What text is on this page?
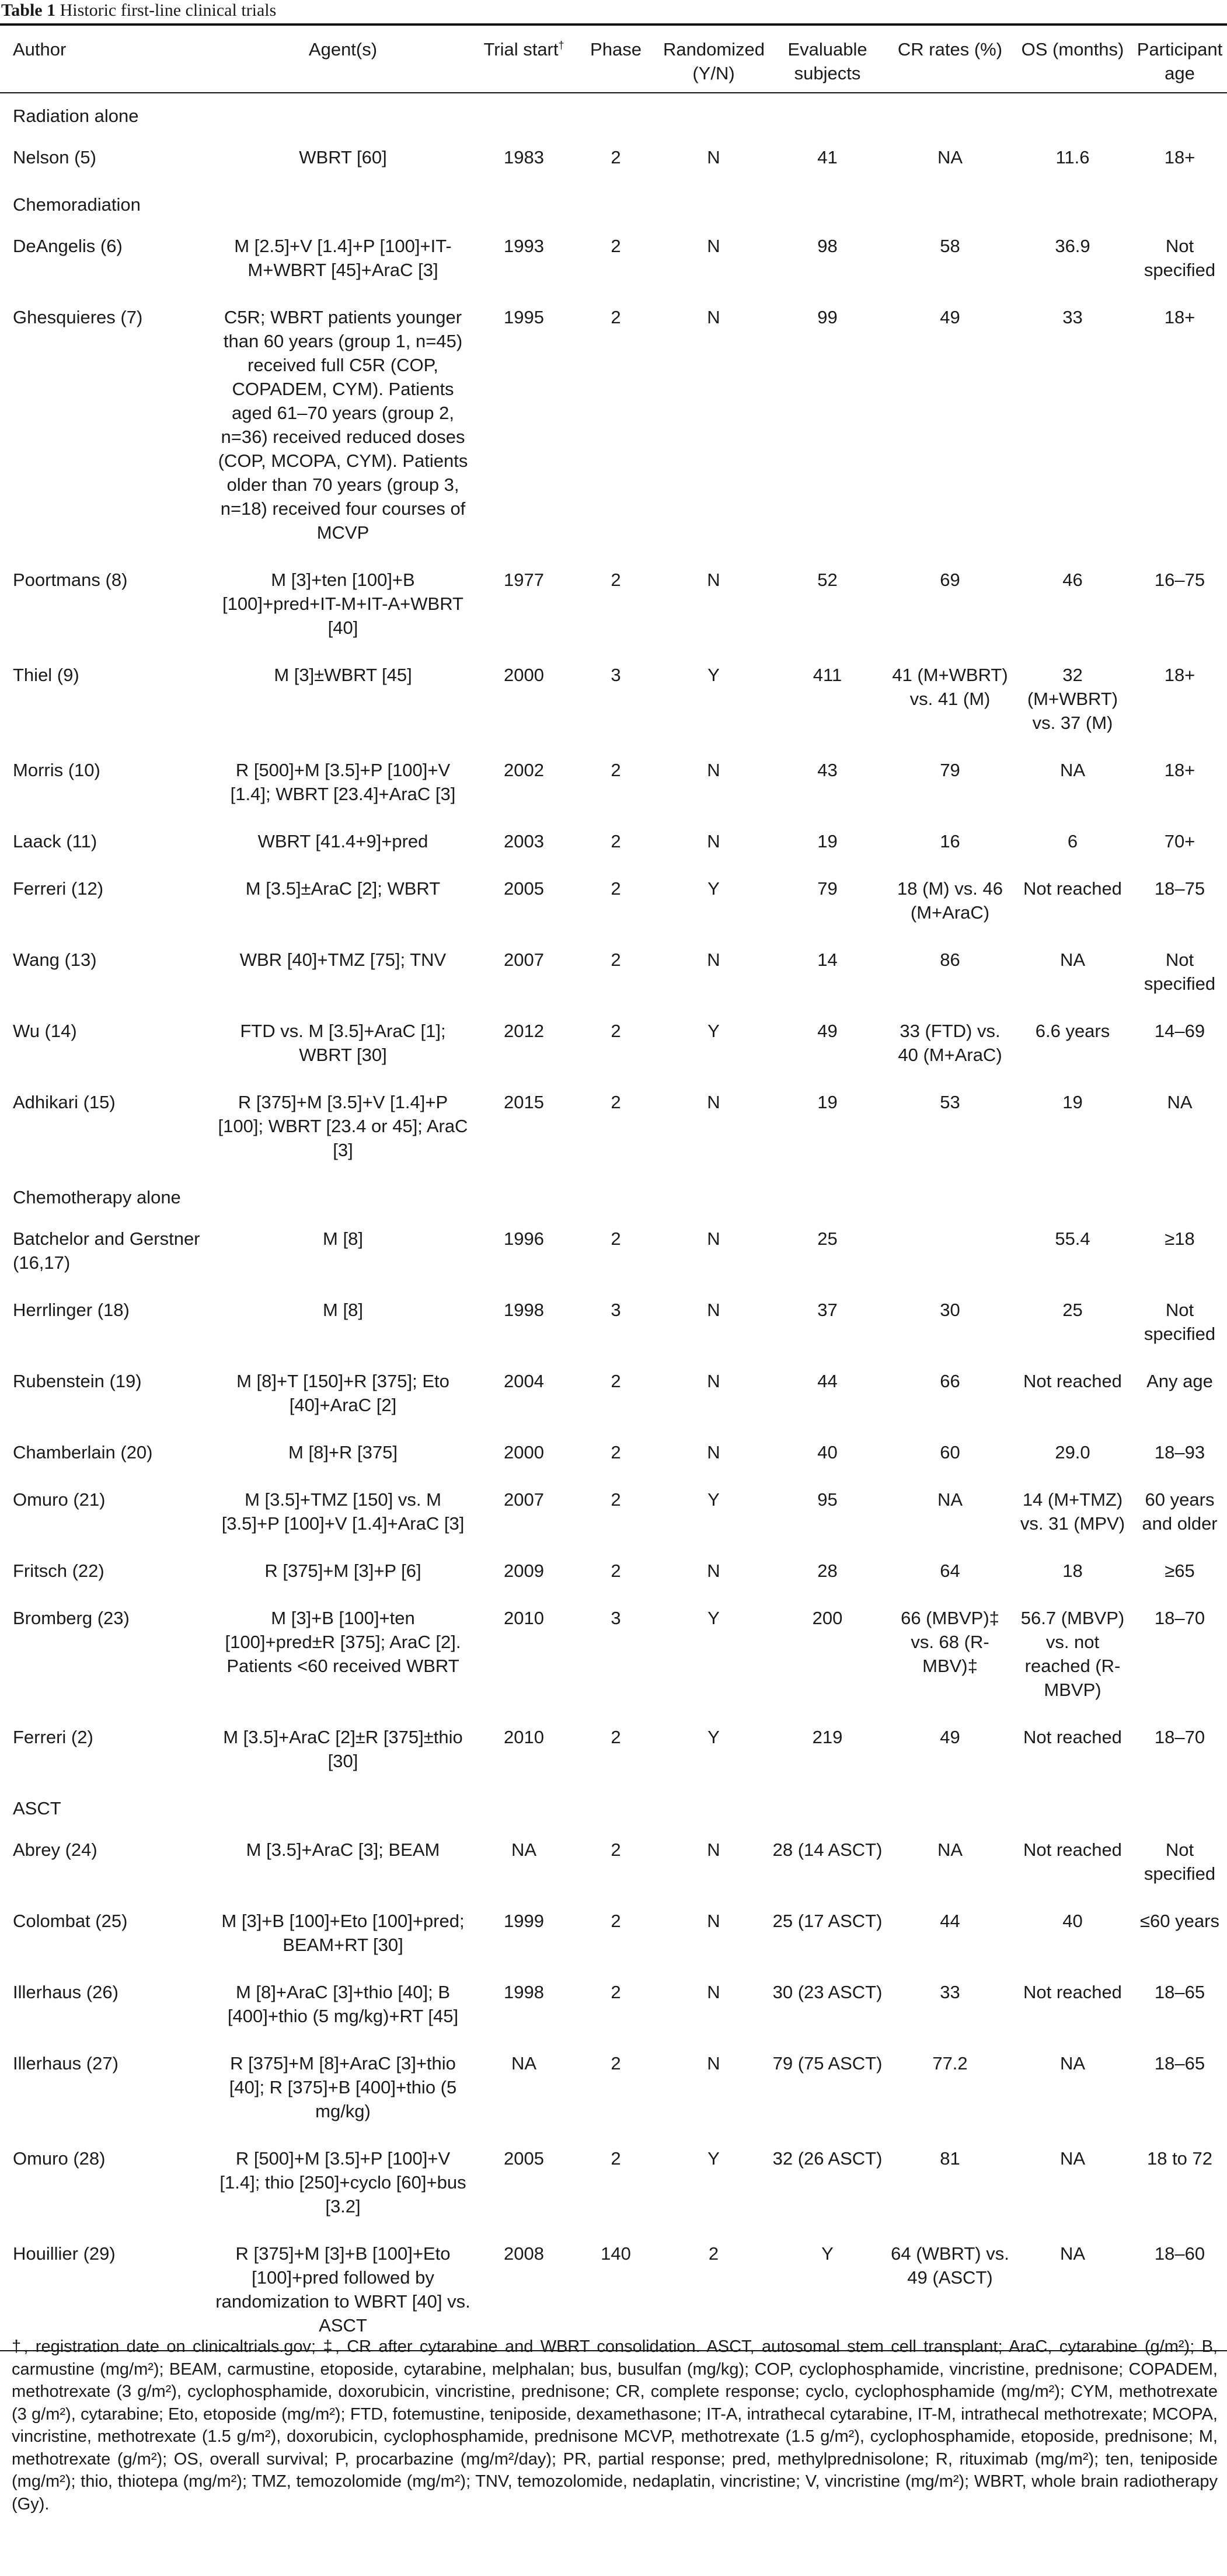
Table 1 Historic first-line clinical trials
Author	Agent(s)	Trial start†	Phase	Randomized (Y/N)	Evaluable subjects	CR rates (%)	OS (months)	Participant age
Radiation alone								
Nelson (5)	WBRT [60]	1983	2	N	41	NA	11.6	18+
Chemoradiation								
DeAngelis (6)	M [2.5]+V [1.4]+P [100]+IT-M+WBRT [45]+AraC [3]	1993	2	N	98	58	36.9	Not specified
Ghesquieres (7)	C5R; WBRT patients younger than 60 years (group 1, n=45) received full C5R (COP, COPADEM, CYM). Patients aged 61–70 years (group 2, n=36) received reduced doses (COP, MCOPA, CYM). Patients older than 70 years (group 3, n=18) received four courses of MCVP	1995	2	N	99	49	33	18+
Poortmans (8)	M [3]+ten [100]+B [100]+pred+IT-M+IT-A+WBRT [40]	1977	2	N	52	69	46	16–75
Thiel (9)	M [3]±WBRT [45]	2000	3	Y	411	41 (M+WBRT) vs. 41 (M)	32 (M+WBRT) vs. 37 (M)	18+
Morris (10)	R [500]+M [3.5]+P [100]+V [1.4]; WBRT [23.4]+AraC [3]	2002	2	N	43	79	NA	18+
Laack (11)	WBRT [41.4+9]+pred	2003	2	N	19	16	6	70+
Ferreri (12)	M [3.5]±AraC [2]; WBRT	2005	2	Y	79	18 (M) vs. 46 (M+AraC)	Not reached	18–75
Wang (13)	WBR [40]+TMZ [75]; TNV	2007	2	N	14	86	NA	Not specified
Wu (14)	FTD vs. M [3.5]+AraC [1]; WBRT [30]	2012	2	Y	49	33 (FTD) vs. 40 (M+AraC)	6.6 years	14–69
Adhikari (15)	R [375]+M [3.5]+V [1.4]+P [100]; WBRT [23.4 or 45]; AraC [3]	2015	2	N	19	53	19	NA
Chemotherapy alone								
Batchelor and Gerstner (16,17)	M [8]	1996	2	N	25		55.4	≥18
Herrlinger (18)	M [8]	1998	3	N	37	30	25	Not specified
Rubenstein (19)	M [8]+T [150]+R [375]; Eto [40]+AraC [2]	2004	2	N	44	66	Not reached	Any age
Chamberlain (20)	M [8]+R [375]	2000	2	N	40	60	29.0	18–93
Omuro (21)	M [3.5]+TMZ [150] vs. M [3.5]+P [100]+V [1.4]+AraC [3]	2007	2	Y	95	NA	14 (M+TMZ) vs. 31 (MPV)	60 years and older
Fritsch (22)	R [375]+M [3]+P [6]	2009	2	N	28	64	18	≥65
Bromberg (23)	M [3]+B [100]+ten [100]+pred±R [375]; AraC [2]. Patients <60 received WBRT	2010	3	Y	200	66 (MBVP)‡ vs. 68 (R-MBV)‡	56.7 (MBVP) vs. not reached (R-MBVP)	18–70
Ferreri (2)	M [3.5]+AraC [2]±R [375]±thio [30]	2010	2	Y	219	49	Not reached	18–70
ASCT								
Abrey (24)	M [3.5]+AraC [3]; BEAM	NA	2	N	28 (14 ASCT)	NA	Not reached	Not specified
Colombat (25)	M [3]+B [100]+Eto [100]+pred; BEAM+RT [30]	1999	2	N	25 (17 ASCT)	44	40	≤60 years
Illerhaus (26)	M [8]+AraC [3]+thio [40]; B [400]+thio (5 mg/kg)+RT [45]	1998	2	N	30 (23 ASCT)	33	Not reached	18–65
Illerhaus (27)	R [375]+M [8]+AraC [3]+thio [40]; R [375]+B [400]+thio (5 mg/kg)	NA	2	N	79 (75 ASCT)	77.2	NA	18–65
Omuro (28)	R [500]+M [3.5]+P [100]+V [1.4]; thio [250]+cyclo [60]+bus [3.2]	2005	2	Y	32 (26 ASCT)	81	NA	18 to 72
Houillier (29)	R [375]+M [3]+B [100]+Eto [100]+pred followed by randomization to WBRT [40] vs. ASCT	2008	140	2	Y	64 (WBRT) vs. 49 (ASCT)	NA	18–60

†, registration date on clinicaltrials.gov; ‡, CR after cytarabine and WBRT consolidation. ASCT, autosomal stem cell transplant; AraC, cytarabine (g/m²); B, carmustine (mg/m²); BEAM, carmustine, etoposide, cytarabine, melphalan; bus, busulfan (mg/kg); COP, cyclophosphamide, vincristine, prednisone; COPADEM, methotrexate (3 g/m²), cyclophosphamide, doxorubicin, vincristine, prednisone; CR, complete response; cyclo, cyclophosphamide (mg/m²); CYM, methotrexate (3 g/m²), cytarabine; Eto, etoposide (mg/m²); FTD, fotemustine, teniposide, dexamethasone; IT-A, intrathecal cytarabine, IT-M, intrathecal methotrexate; MCOPA, vincristine, methotrexate (1.5 g/m²), doxorubicin, cyclophosphamide, prednisone MCVP, methotrexate (1.5 g/m²), cyclophosphamide, etoposide, prednisone; M, methotrexate (g/m²); OS, overall survival; P, procarbazine (mg/m²/day); PR, partial response; pred, methylprednisolone; R, rituximab (mg/m²); ten, teniposide (mg/m²); thio, thiotepa (mg/m²); TMZ, temozolomide (mg/m²); TNV, temozolomide, nedaplatin, vincristine; V, vincristine (mg/m²); WBRT, whole brain radiotherapy (Gy).
